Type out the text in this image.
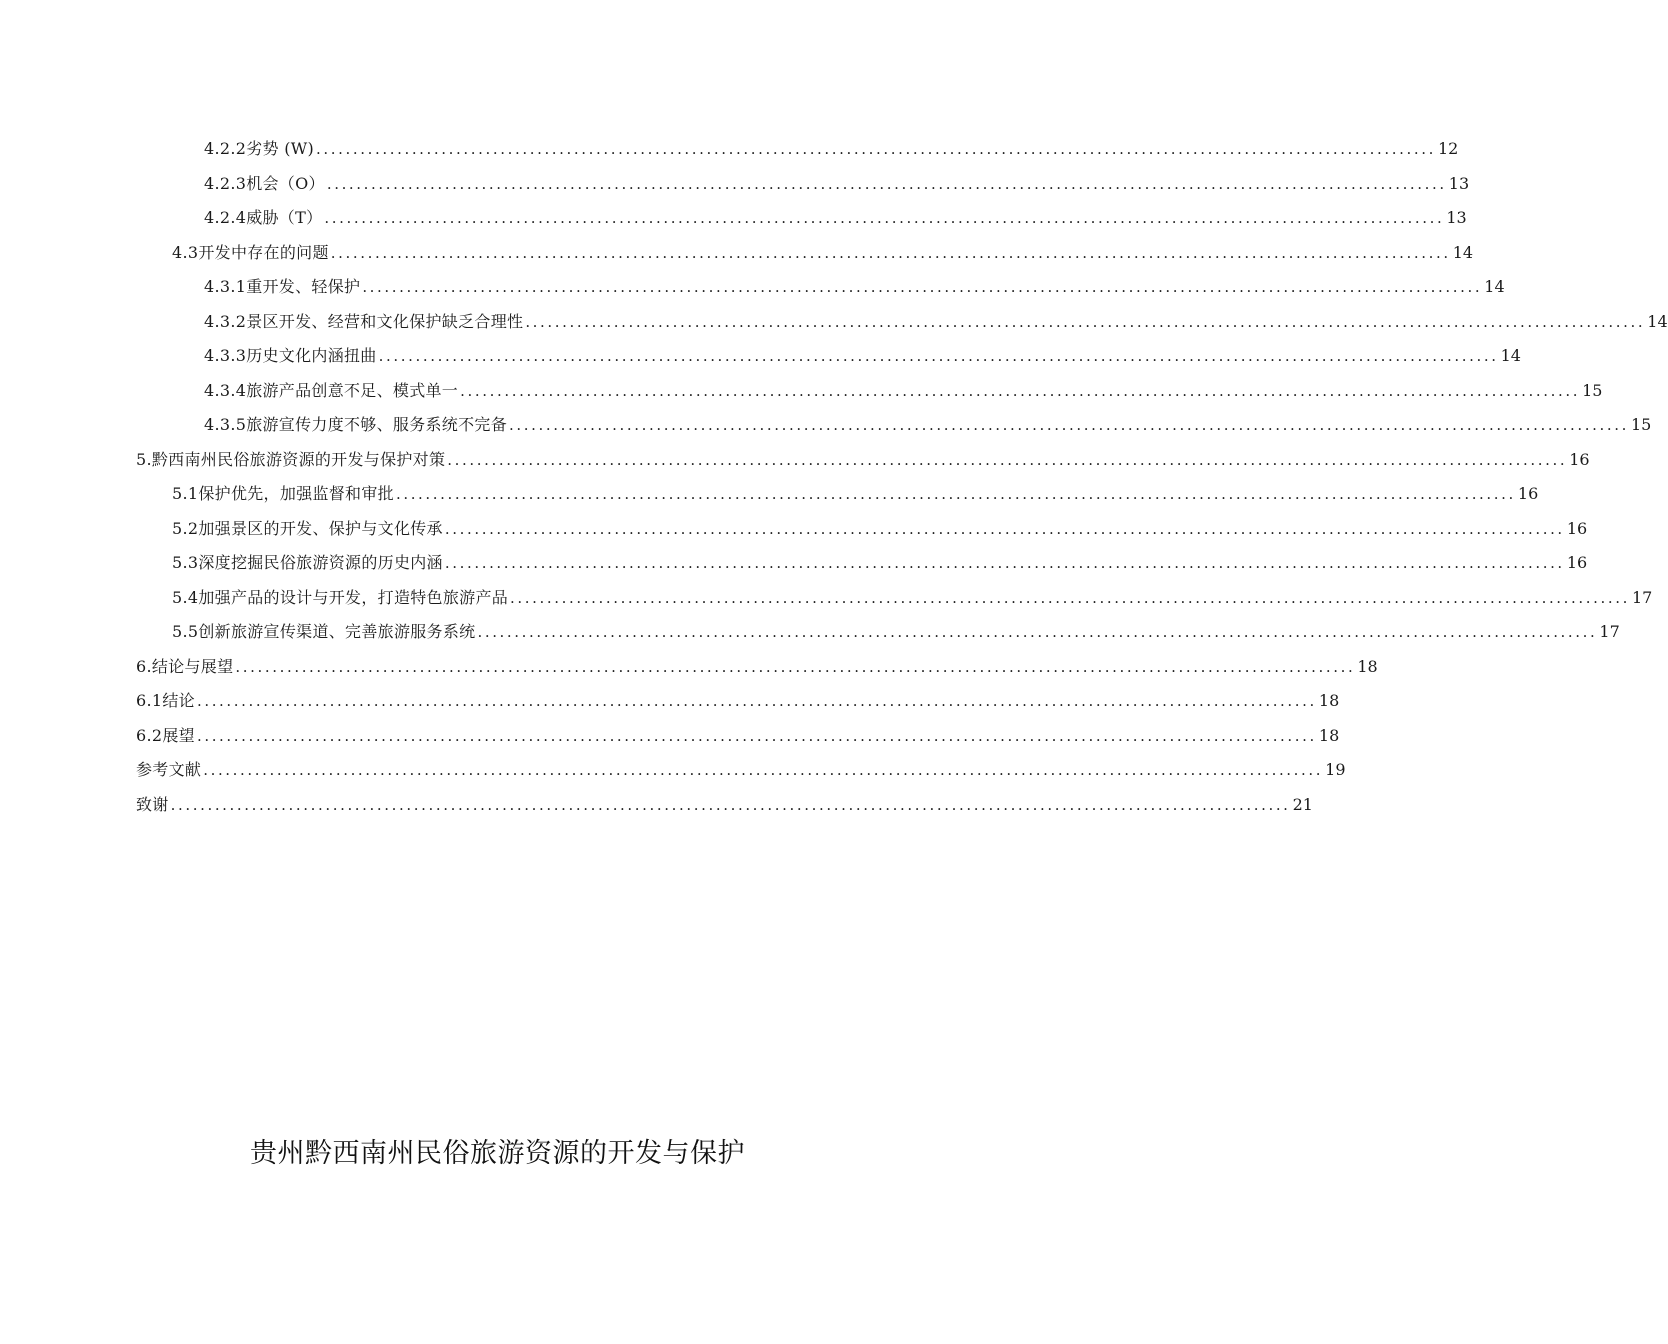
4.2.2劣势 (W) ........................................................................................................................................................ 12
4.2.3机会（O） ........................................................................................................................................................ 13
4.2.4威胁（T） ........................................................................................................................................................ 13
4.3开发中存在的问题 ........................................................................................................................................................ 14
4.3.1重开发、轻保护 ........................................................................................................................................................ 14
4.3.2景区开发、经营和文化保护缺乏合理性 ........................................................................................................................................................ 14
4.3.3历史文化内涵扭曲 ........................................................................................................................................................ 14
4.3.4旅游产品创意不足、模式单一 ........................................................................................................................................................ 15
4.3.5旅游宣传力度不够、服务系统不完备 ........................................................................................................................................................ 15
5.黔西南州民俗旅游资源的开发与保护对策 ........................................................................................................................................................ 16
5.1保护优先，加强监督和审批 ........................................................................................................................................................ 16
5.2加强景区的开发、保护与文化传承 ........................................................................................................................................................ 16
5.3深度挖掘民俗旅游资源的历史内涵 ........................................................................................................................................................ 16
5.4加强产品的设计与开发，打造特色旅游产品 ........................................................................................................................................................ 17
5.5创新旅游宣传渠道、完善旅游服务系统 ........................................................................................................................................................ 17
6.结论与展望 ........................................................................................................................................................ 18
6.1结论 ........................................................................................................................................................ 18
6.2展望 ........................................................................................................................................................ 18
参考文献 ........................................................................................................................................................ 19
致谢 ........................................................................................................................................................ 21
贵州黔西南州民俗旅游资源的开发与保护
